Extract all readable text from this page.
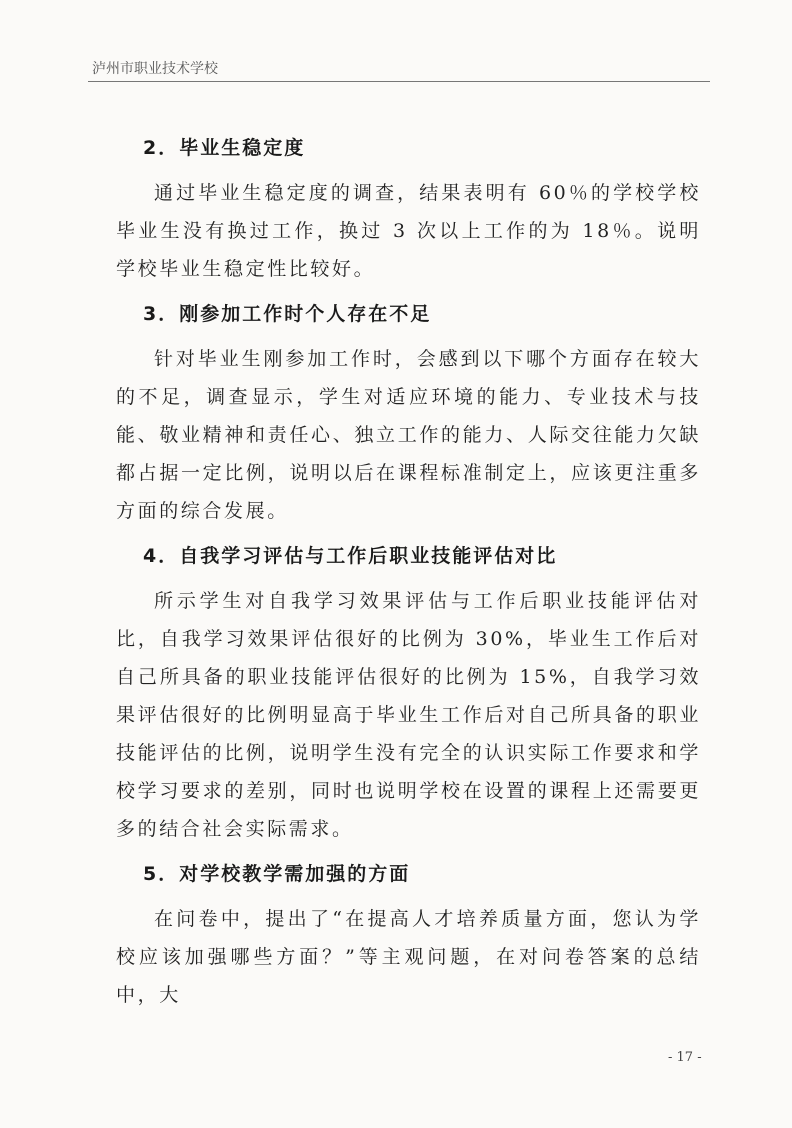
泸州市职业技术学校
2．毕业生稳定度

通过毕业生稳定度的调查，结果表明有 60％的学校学校毕业生没有换过工作，换过 3 次以上工作的为 18％。说明学校毕业生稳定性比较好。

3．刚参加工作时个人存在不足

针对毕业生刚参加工作时，会感到以下哪个方面存在较大的不足，调查显示，学生对适应环境的能力、专业技术与技能、敬业精神和责任心、独立工作的能力、人际交往能力欠缺都占据一定比例，说明以后在课程标准制定上，应该更注重多方面的综合发展。

4．自我学习评估与工作后职业技能评估对比

所示学生对自我学习效果评估与工作后职业技能评估对比，自我学习效果评估很好的比例为 30%，毕业生工作后对自己所具备的职业技能评估很好的比例为 15%，自我学习效果评估很好的比例明显高于毕业生工作后对自己所具备的职业技能评估的比例，说明学生没有完全的认识实际工作要求和学校学习要求的差别，同时也说明学校在设置的课程上还需要更多的结合社会实际需求。

5．对学校教学需加强的方面

在问卷中，提出了“在提高人才培养质量方面，您认为学校应该加强哪些方面？”等主观问题，在对问卷答案的总结中，大

- 17 -
